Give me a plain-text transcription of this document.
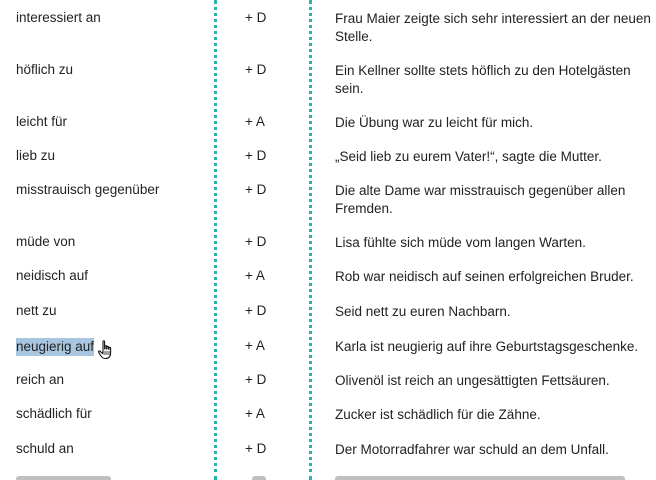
interessiert an	+ D	Frau Maier zeigte sich sehr interessiert an der neuen Stelle.
höflich zu	+ D	Ein Kellner sollte stets höflich zu den Hotelgästen sein.
leicht für	+ A	Die Übung war zu leicht für mich.
lieb zu	+ D	„Seid lieb zu eurem Vater!“, sagte die Mutter.
misstrauisch gegenüber	+ D	Die alte Dame war misstrauisch gegenüber allen Fremden.
müde von	+ D	Lisa fühlte sich müde vom langen Warten.
neidisch auf	+ A	Rob war neidisch auf seinen erfolgreichen Bruder.
nett zu	+ D	Seid nett zu euren Nachbarn.
neugierig auf	+ A	Karla ist neugierig auf ihre Geburtstagsgeschenke.
reich an	+ D	Olivenöl ist reich an ungesättigten Fettsäuren.
schädlich für	+ A	Zucker ist schädlich für die Zähne.
schuld an	+ D	Der Motorradfahrer war schuld an dem Unfall.
